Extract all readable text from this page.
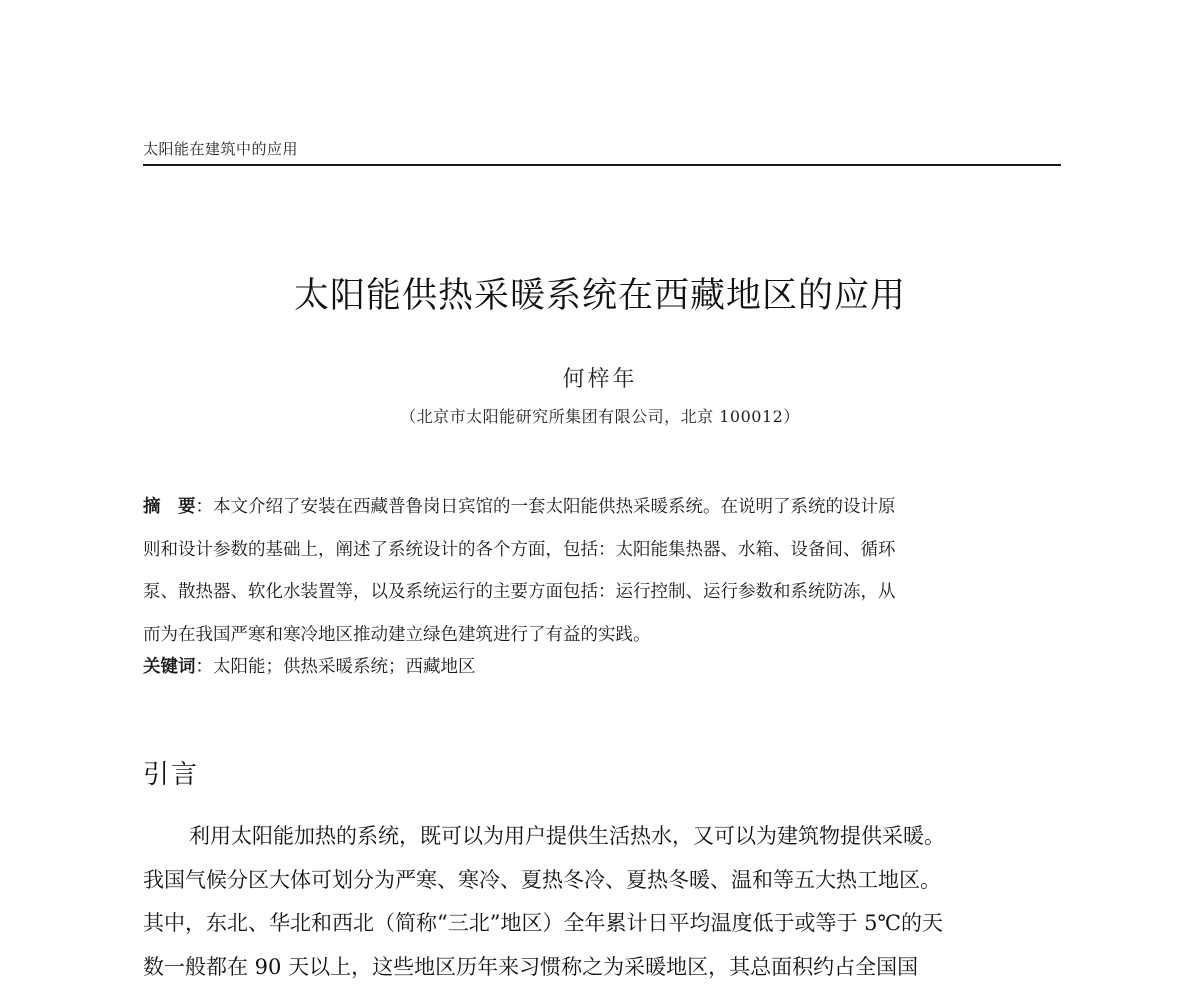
太阳能在建筑中的应用
太阳能供热采暖系统在西藏地区的应用
何梓年
（北京市太阳能研究所集团有限公司，北京 100012）
摘　要：本文介绍了安装在西藏普鲁岗日宾馆的一套太阳能供热采暖系统。在说明了系统的设计原
则和设计参数的基础上，阐述了系统设计的各个方面，包括：太阳能集热器、水箱、设备间、循环
泵、散热器、软化水装置等，以及系统运行的主要方面包括：运行控制、运行参数和系统防冻，从
而为在我国严寒和寒冷地区推动建立绿色建筑进行了有益的实践。
关键词：太阳能；供热采暖系统；西藏地区
引言
利用太阳能加热的系统，既可以为用户提供生活热水，又可以为建筑物提供采暖。
我国气候分区大体可划分为严寒、寒冷、夏热冬冷、夏热冬暖、温和等五大热工地区。
其中，东北、华北和西北（简称“三北”地区）全年累计日平均温度低于或等于 5℃的天
数一般都在 90 天以上，这些地区历年来习惯称之为采暖地区，其总面积约占全国国
